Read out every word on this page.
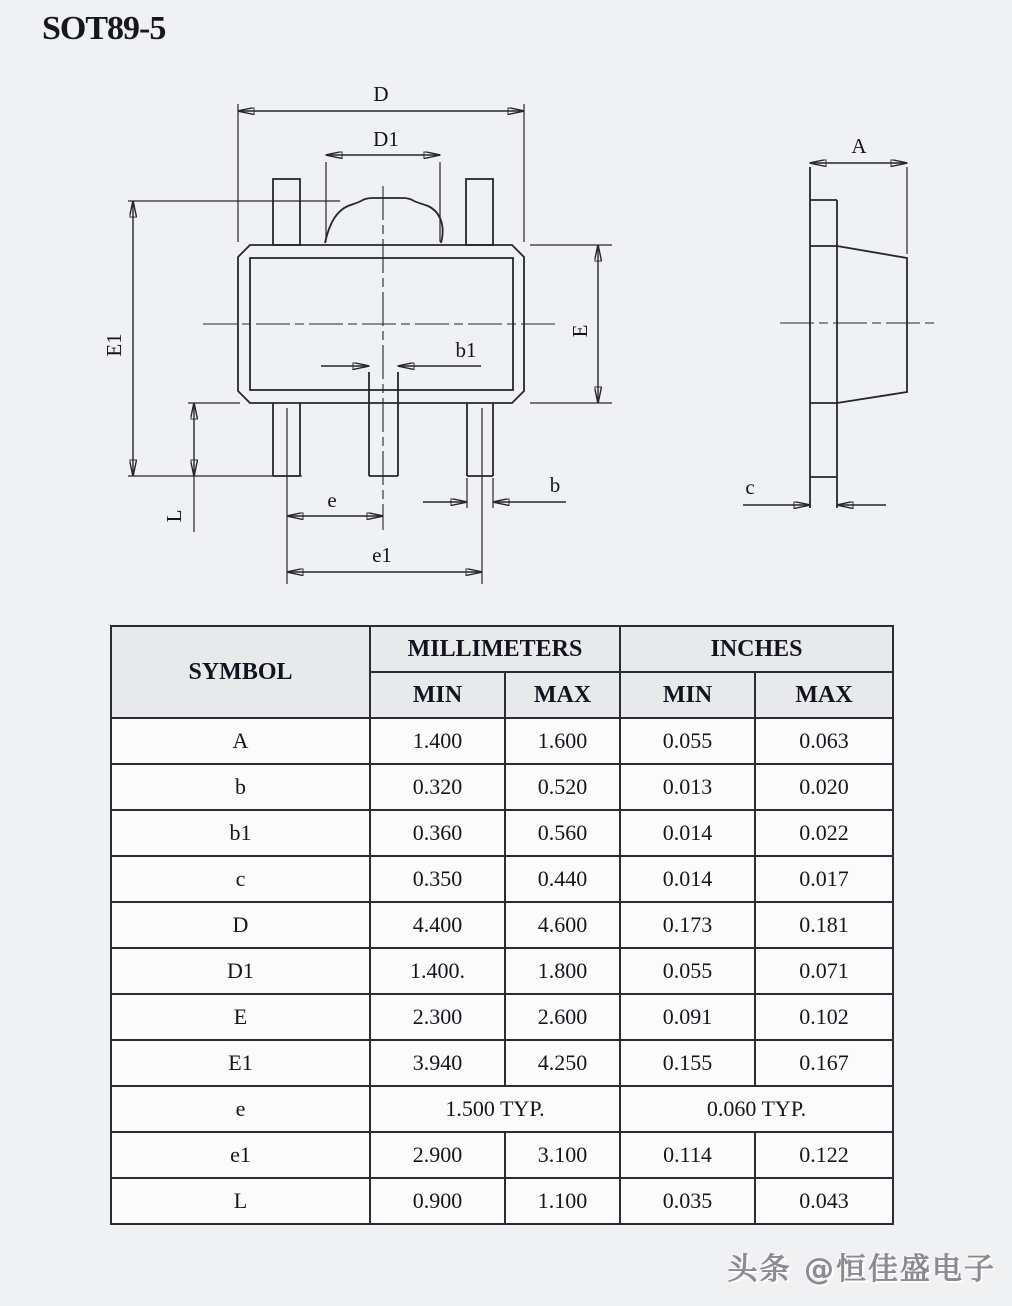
SOT89-5
D
D1
E1
E
L
b1
b
e
e1
A
c
SYMBOL	MILLIMETERS		INCHES	
	MIN	MAX	MIN	MAX
A	1.400	1.600	0.055	0.063
b	0.320	0.520	0.013	0.020
b1	0.360	0.560	0.014	0.022
c	0.350	0.440	0.014	0.017
D	4.400	4.600	0.173	0.181
D1	1.400.	1.800	0.055	0.071
E	2.300	2.600	0.091	0.102
E1	3.940	4.250	0.155	0.167
e	1.500 TYP.		0.060 TYP.	
e1	2.900	3.100	0.114	0.122
L	0.900	1.100	0.035	0.043
头条 @恒佳盛电子
